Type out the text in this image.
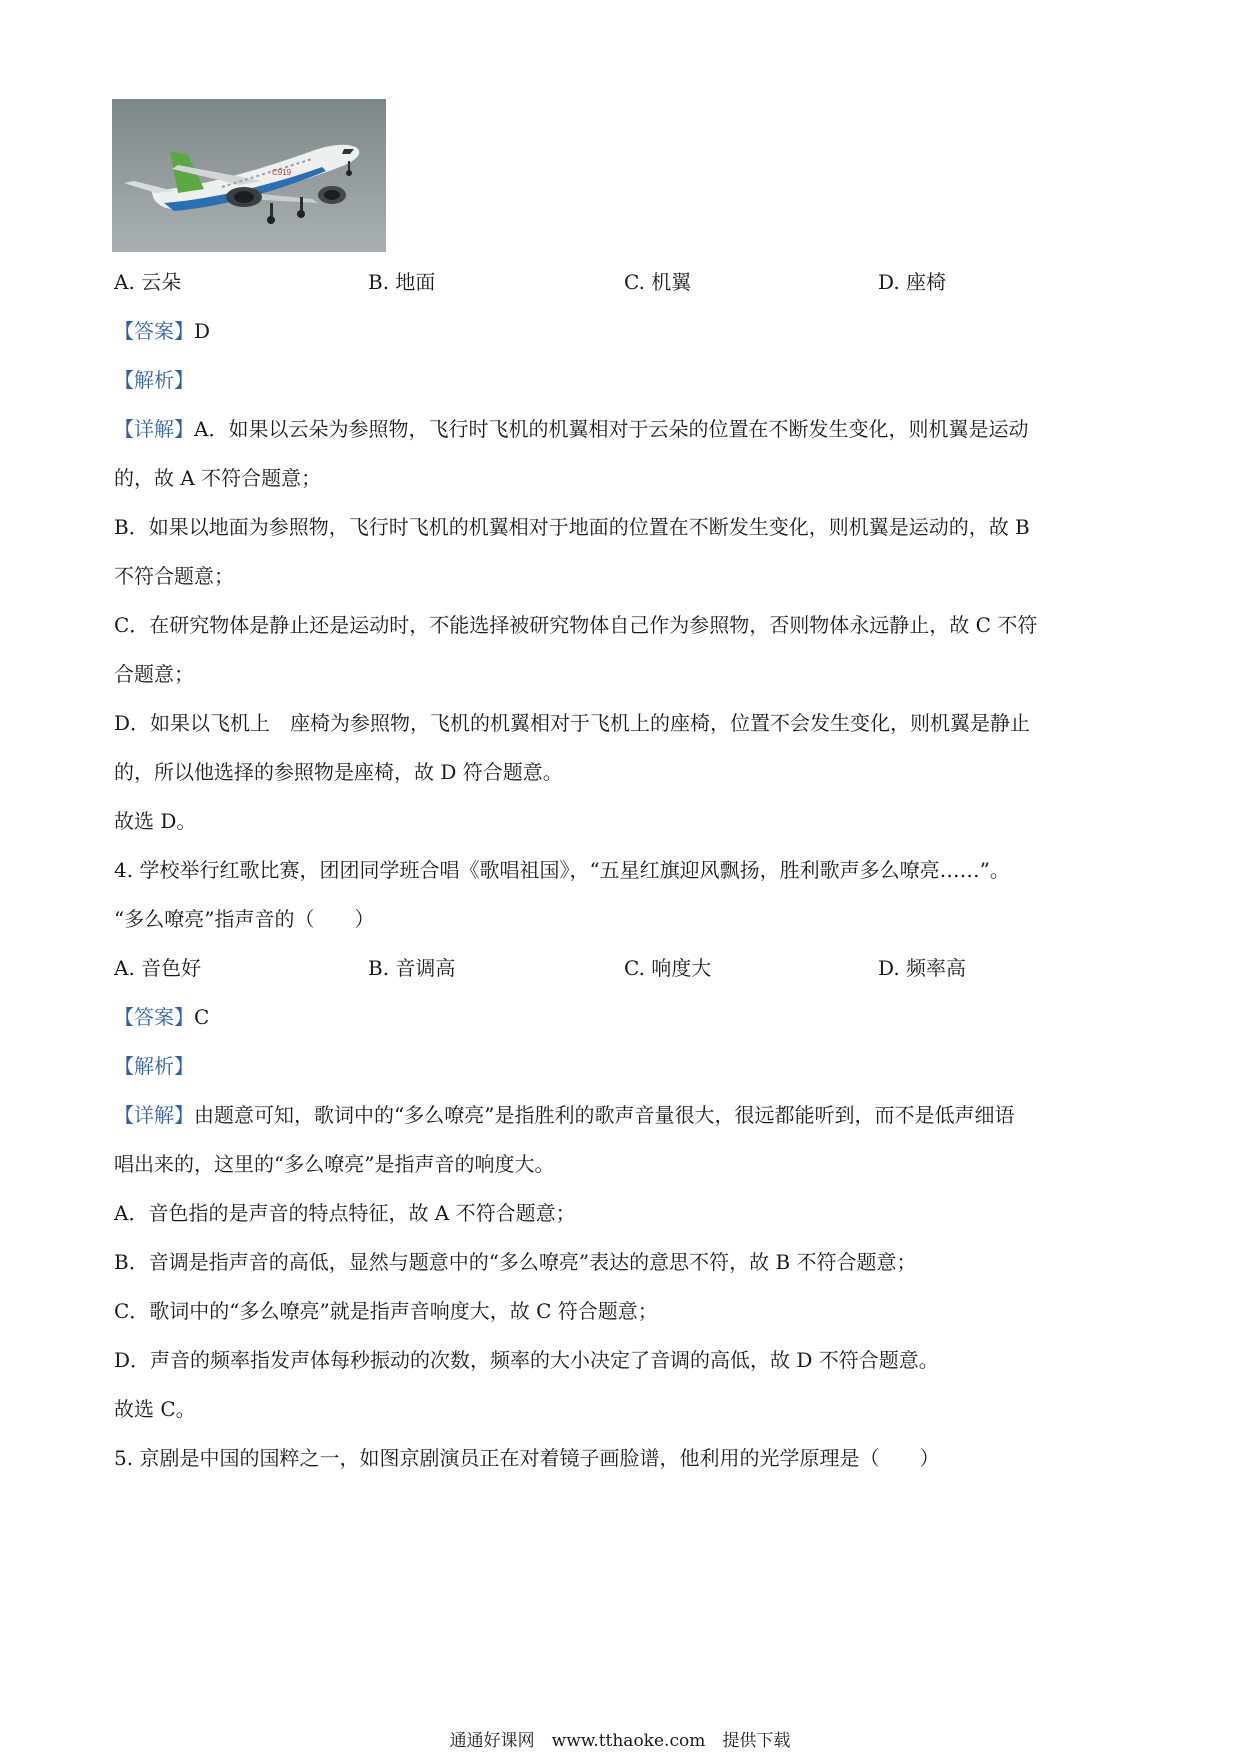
C919
A. 云朵	B. 地面	C. 机翼	D. 座椅
【答案】D
【解析】
【详解】A．如果以云朵为参照物，飞行时飞机的机翼相对于云朵的位置在不断发生变化，则机翼是运动
的，故 A 不符合题意；
B．如果以地面为参照物，飞行时飞机的机翼相对于地面的位置在不断发生变化，则机翼是运动的，故 B
不符合题意；
C．在研究物体是静止还是运动时，不能选择被研究物体自己作为参照物，否则物体永远静止，故 C 不符
合题意；
D．如果以飞机上　座椅为参照物，飞机的机翼相对于飞机上的座椅，位置不会发生变化，则机翼是静止
的，所以他选择的参照物是座椅，故 D 符合题意。
故选 D。
4. 学校举行红歌比赛，团团同学班合唱《歌唱祖国》，“五星红旗迎风飘扬，胜利歌声多么嘹亮……”。
“多么嘹亮”指声音的（　　）
A. 音色好	B. 音调高	C. 响度大	D. 频率高
【答案】C
【解析】
【详解】由题意可知，歌词中的“多么嘹亮”是指胜利的歌声音量很大，很远都能听到，而不是低声细语
唱出来的，这里的“多么嘹亮”是指声音的响度大。
A．音色指的是声音的特点特征，故 A 不符合题意；
B．音调是指声音的高低，显然与题意中的“多么嘹亮”表达的意思不符，故 B 不符合题意；
C．歌词中的“多么嘹亮”就是指声音响度大，故 C 符合题意；
D．声音的频率指发声体每秒振动的次数，频率的大小决定了音调的高低，故 D 不符合题意。
故选 C。
5. 京剧是中国的国粹之一，如图京剧演员正在对着镜子画脸谱，他利用的光学原理是（　　）
通通好课网　www.tthaoke.com　提供下载
